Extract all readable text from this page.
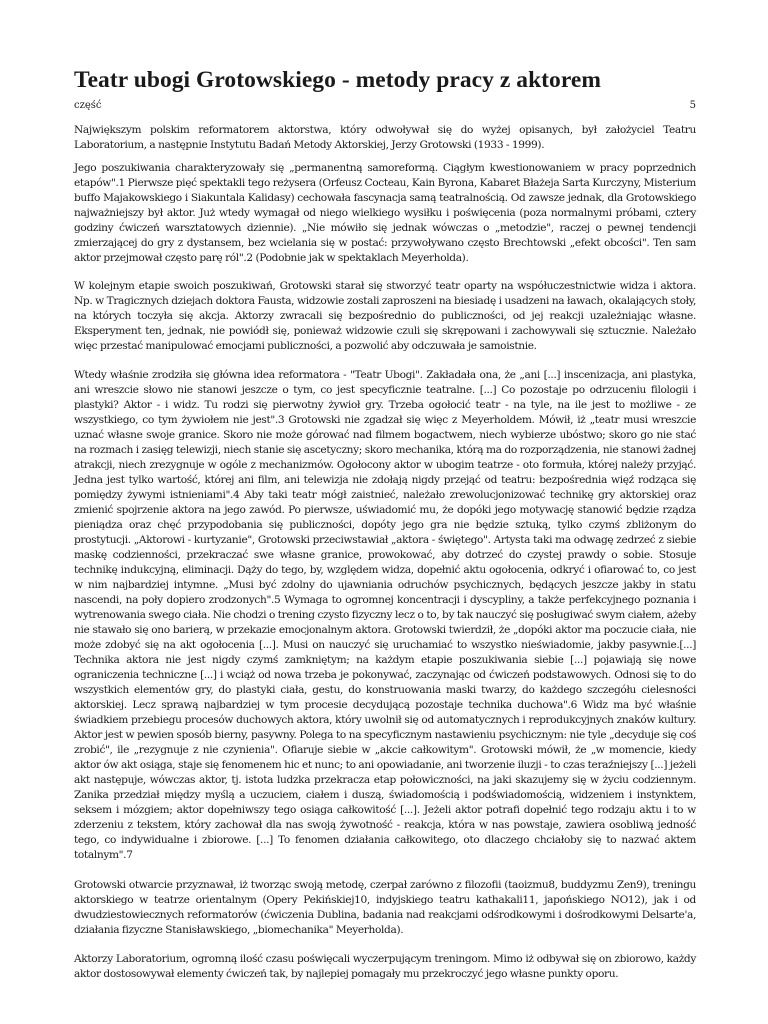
Teatr ubogi Grotowskiego - metody pracy z aktorem
część	5

Największym polskim reformatorem aktorstwa, który odwoływał się do wyżej opisanych, był założyciel Teatru Laboratorium, a następnie Instytutu Badań Metody Aktorskiej, Jerzy Grotowski (1933 - 1999).

Jego poszukiwania charakteryzowały się „permanentną samoreformą. Ciągłym kwestionowaniem w pracy poprzednich etapów".1 Pierwsze pięć spektakli tego reżysera (Orfeusz Cocteau, Kain Byrona, Kabaret Błażeja Sarta Kurczyny, Misterium buffo Majakowskiego i Siakuntala Kalidasy) cechowała fascynacja samą teatralnością. Od zawsze jednak, dla Grotowskiego najważniejszy był aktor. Już wtedy wymagał od niego wielkiego wysiłku i poświęcenia (poza normalnymi próbami, cztery godziny ćwiczeń warsztatowych dziennie). „Nie mówiło się jednak wówczas o „metodzie", raczej o pewnej tendencji zmierzającej do gry z dystansem, bez wcielania się w postać: przywoływano często Brechtowski „efekt obcości". Ten sam aktor przejmował często parę ról".2 (Podobnie jak w spektaklach Meyerholda).

W kolejnym etapie swoich poszukiwań, Grotowski starał się stworzyć teatr oparty na współuczestnictwie widza i aktora. Np. w Tragicznych dziejach doktora Fausta, widzowie zostali zaproszeni na biesiadę i usadzeni na ławach, okalających stoły, na których toczyła się akcja. Aktorzy zwracali się bezpośrednio do publiczności, od jej reakcji uzależniając własne. Eksperyment ten, jednak, nie powiódł się, ponieważ widzowie czuli się skrępowani i zachowywali się sztucznie. Należało więc przestać manipulować emocjami publiczności, a pozwolić aby odczuwała je samoistnie.

Wtedy właśnie zrodziła się główna idea reformatora - "Teatr Ubogi". Zakładała ona, że „ani [...] inscenizacja, ani plastyka, ani wreszcie słowo nie stanowi jeszcze o tym, co jest specyficznie teatralne. [...] Co pozostaje po odrzuceniu filologii i plastyki? Aktor - i widz. Tu rodzi się pierwotny żywioł gry. Trzeba ogołocić teatr - na tyle, na ile jest to możliwe - ze wszystkiego, co tym żywiołem nie jest".3 Grotowski nie zgadzał się więc z Meyerholdem. Mówił, iż „teatr musi wreszcie uznać własne swoje granice. Skoro nie może górować nad filmem bogactwem, niech wybierze ubóstwo; skoro go nie stać na rozmach i zasięg telewizji, niech stanie się ascetyczny; skoro mechanika, którą ma do rozporządzenia, nie stanowi żadnej atrakcji, niech zrezygnuje w ogóle z mechanizmów. Ogołocony aktor w ubogim teatrze - oto formuła, której należy przyjąć. Jedna jest tylko wartość, której ani film, ani telewizja nie zdołają nigdy przejąć od teatru: bezpośrednia więź rodząca się pomiędzy żywymi istnieniami".4 Aby taki teatr mógł zaistnieć, należało zrewolucjonizować technikę gry aktorskiej oraz zmienić spojrzenie aktora na jego zawód. Po pierwsze, uświadomić mu, że dopóki jego motywację stanowić będzie rządza pieniądza oraz chęć przypodobania się publiczności, dopóty jego gra nie będzie sztuką, tylko czymś zbliżonym do prostytucji. „Aktorowi - kurtyzanie", Grotowski przeciwstawiał „aktora - świętego". Artysta taki ma odwagę zedrzeć z siebie maskę codzienności, przekraczać swe własne granice, prowokować, aby dotrzeć do czystej prawdy o sobie. Stosuje technikę indukcyjną, eliminacji. Dąży do tego, by, względem widza, dopełnić aktu ogołocenia, odkryć i ofiarować to, co jest w nim najbardziej intymne. „Musi być zdolny do ujawniania odruchów psychicznych, będących jeszcze jakby in statu nascendi, na poły dopiero zrodzonych".5 Wymaga to ogromnej koncentracji i dyscypliny, a także perfekcyjnego poznania i wytrenowania swego ciała. Nie chodzi o trening czysto fizyczny lecz o to, by tak nauczyć się posługiwać swym ciałem, ażeby nie stawało się ono barierą, w przekazie emocjonalnym aktora. Grotowski twierdził, że „dopóki aktor ma poczucie ciała, nie może zdobyć się na akt ogołocenia [...]. Musi on nauczyć się uruchamiać to wszystko nieświadomie, jakby pasywnie.[...] Technika aktora nie jest nigdy czymś zamkniętym; na każdym etapie poszukiwania siebie [...] pojawiają się nowe ograniczenia techniczne [...] i wciąż od nowa trzeba je pokonywać, zaczynając od ćwiczeń podstawowych. Odnosi się to do wszystkich elementów gry, do plastyki ciała, gestu, do konstruowania maski twarzy, do każdego szczegółu cielesności aktorskiej. Lecz sprawą najbardziej w tym procesie decydującą pozostaje technika duchowa".6 Widz ma być właśnie świadkiem przebiegu procesów duchowych aktora, który uwolnił się od automatycznych i reprodukcyjnych znaków kultury. Aktor jest w pewien sposób bierny, pasywny. Polega to na specyficznym nastawieniu psychicznym: nie tyle „decyduje się coś zrobić", ile „rezygnuje z nie czynienia". Ofiaruje siebie w „akcie całkowitym". Grotowski mówił, że „w momencie, kiedy aktor ów akt osiąga, staje się fenomenem hic et nunc; to ani opowiadanie, ani tworzenie iluzji - to czas teraźniejszy [...] jeżeli akt następuje, wówczas aktor, tj. istota ludzka przekracza etap połowiczności, na jaki skazujemy się w życiu codziennym. Zanika przedział między myślą a uczuciem, ciałem i duszą, świadomością i podświadomością, widzeniem i instynktem, seksem i mózgiem; aktor dopełniwszy tego osiąga całkowitość [...]. Jeżeli aktor potrafi dopełnić tego rodzaju aktu i to w zderzeniu z tekstem, który zachował dla nas swoją żywotność - reakcja, która w nas powstaje, zawiera osobliwą jedność tego, co indywidualne i zbiorowe. [...] To fenomen działania całkowitego, oto dlaczego chciałoby się to nazwać aktem totalnym".7

Grotowski otwarcie przyznawał, iż tworząc swoją metodę, czerpał zarówno z filozofii (taoizmu8, buddyzmu Zen9), treningu aktorskiego w teatrze orientalnym (Opery Pekińskiej10, indyjskiego teatru kathakali11, japońskiego NO12), jak i od dwudziestowiecznych reformatorów (ćwiczenia Dublina, badania nad reakcjami odśrodkowymi i dośrodkowymi Delsarte'a, działania fizyczne Stanisławskiego, „biomechanika" Meyerholda).

Aktorzy Laboratorium, ogromną ilość czasu poświęcali wyczerpującym treningom. Mimo iż odbywał się on zbiorowo, każdy aktor dostosowywał elementy ćwiczeń tak, by najlepiej pomagały mu przekroczyć jego własne punkty oporu.
